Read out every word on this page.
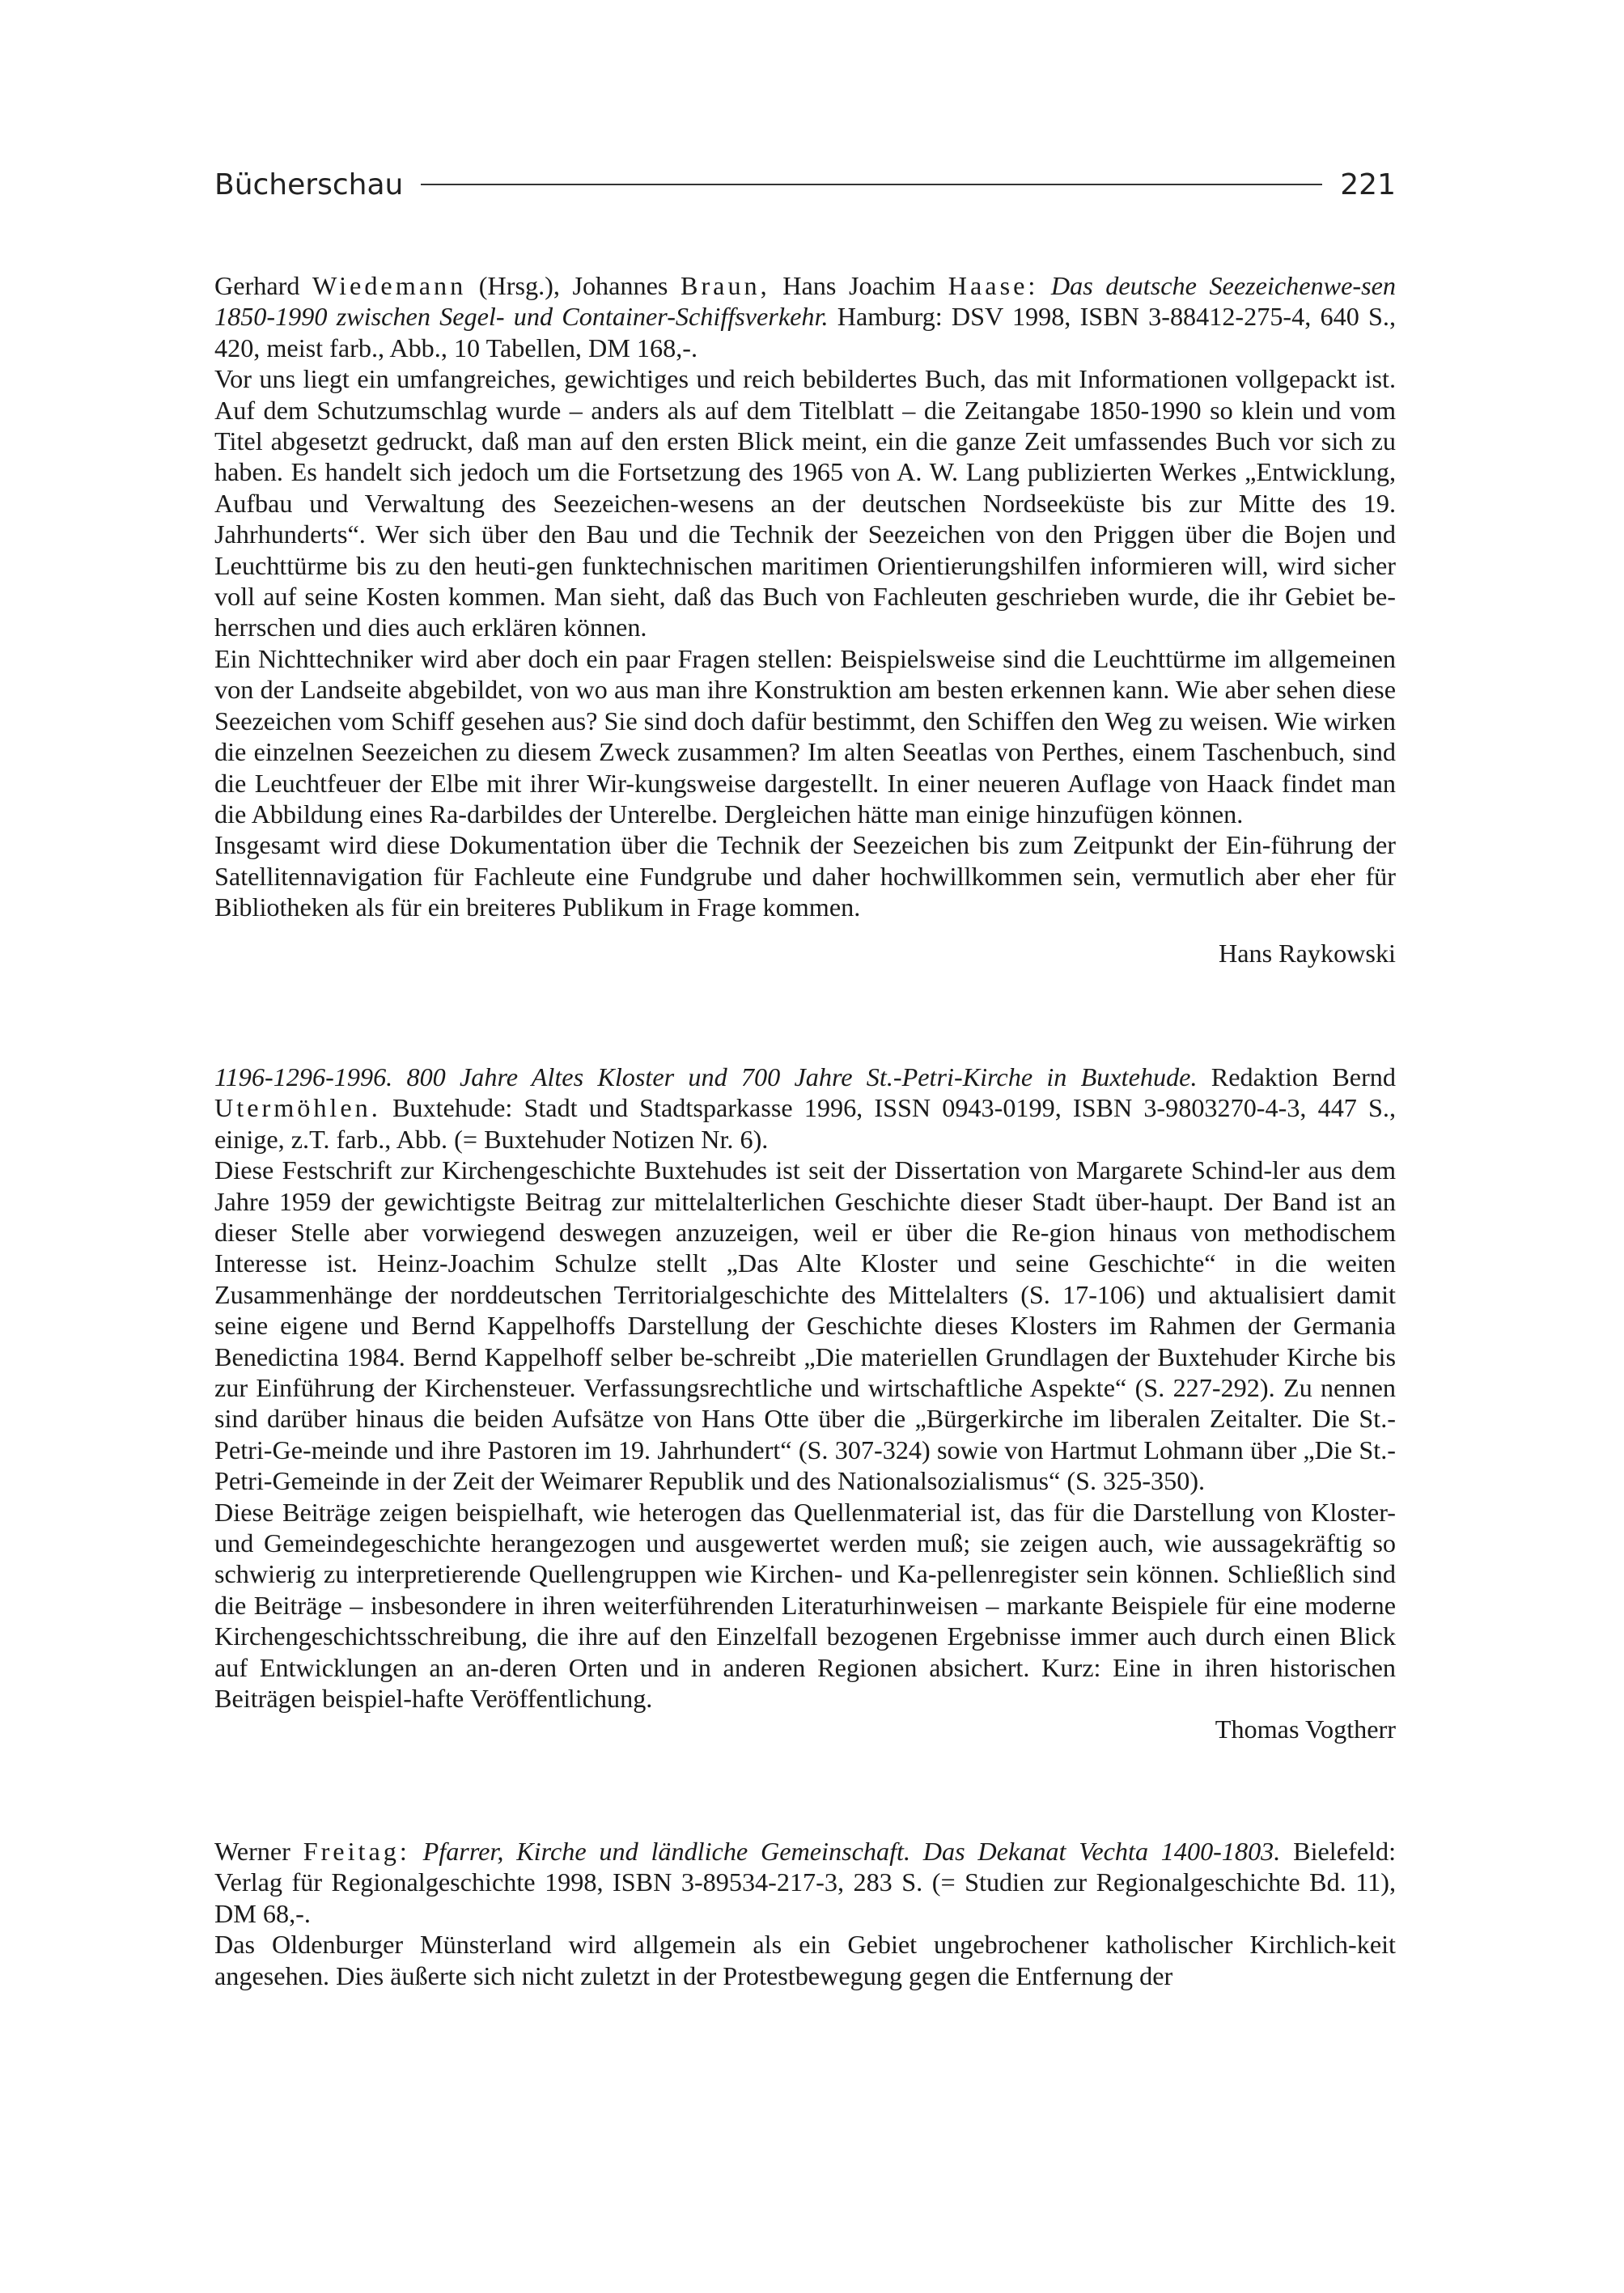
Bücherschau	221

Gerhard Wiedemann (Hrsg.), Johannes Braun, Hans Joachim Haase: Das deutsche Seezeichenwe-sen 1850-1990 zwischen Segel- und Container-Schiffsverkehr. Hamburg: DSV 1998, ISBN 3-88412-275-4, 640 S., 420, meist farb., Abb., 10 Tabellen, DM 168,-.

Vor uns liegt ein umfangreiches, gewichtiges und reich bebildertes Buch, das mit Informationen vollgepackt ist. Auf dem Schutzumschlag wurde – anders als auf dem Titelblatt – die Zeitangabe 1850-1990 so klein und vom Titel abgesetzt gedruckt, daß man auf den ersten Blick meint, ein die ganze Zeit umfassendes Buch vor sich zu haben. Es handelt sich jedoch um die Fortsetzung des 1965 von A. W. Lang publizierten Werkes „Entwicklung, Aufbau und Verwaltung des Seezeichen-wesens an der deutschen Nordseeküste bis zur Mitte des 19. Jahrhunderts“. Wer sich über den Bau und die Technik der Seezeichen von den Priggen über die Bojen und Leuchttürme bis zu den heuti-gen funktechnischen maritimen Orientierungshilfen informieren will, wird sicher voll auf seine Kosten kommen. Man sieht, daß das Buch von Fachleuten geschrieben wurde, die ihr Gebiet be-herrschen und dies auch erklären können.

Ein Nichttechniker wird aber doch ein paar Fragen stellen: Beispielsweise sind die Leuchttürme im allgemeinen von der Landseite abgebildet, von wo aus man ihre Konstruktion am besten erkennen kann. Wie aber sehen diese Seezeichen vom Schiff gesehen aus? Sie sind doch dafür bestimmt, den Schiffen den Weg zu weisen. Wie wirken die einzelnen Seezeichen zu diesem Zweck zusammen? Im alten Seeatlas von Perthes, einem Taschenbuch, sind die Leuchtfeuer der Elbe mit ihrer Wir-kungsweise dargestellt. In einer neueren Auflage von Haack findet man die Abbildung eines Ra-darbildes der Unterelbe. Dergleichen hätte man einige hinzufügen können.

Insgesamt wird diese Dokumentation über die Technik der Seezeichen bis zum Zeitpunkt der Ein-führung der Satellitennavigation für Fachleute eine Fundgrube und daher hochwillkommen sein, vermutlich aber eher für Bibliotheken als für ein breiteres Publikum in Frage kommen.

Hans Raykowski

1196-1296-1996. 800 Jahre Altes Kloster und 700 Jahre St.-Petri-Kirche in Buxtehude. Redaktion Bernd Utermöhlen. Buxtehude: Stadt und Stadtsparkasse 1996, ISSN 0943-0199, ISBN 3-9803270-4-3, 447 S., einige, z.T. farb., Abb. (= Buxtehuder Notizen Nr. 6).

Diese Festschrift zur Kirchengeschichte Buxtehudes ist seit der Dissertation von Margarete Schind-ler aus dem Jahre 1959 der gewichtigste Beitrag zur mittelalterlichen Geschichte dieser Stadt über-haupt. Der Band ist an dieser Stelle aber vorwiegend deswegen anzuzeigen, weil er über die Re-gion hinaus von methodischem Interesse ist. Heinz-Joachim Schulze stellt „Das Alte Kloster und seine Geschichte“ in die weiten Zusammenhänge der norddeutschen Territorialgeschichte des Mittelalters (S. 17-106) und aktualisiert damit seine eigene und Bernd Kappelhoffs Darstellung der Geschichte dieses Klosters im Rahmen der Germania Benedictina 1984. Bernd Kappelhoff selber be-schreibt „Die materiellen Grundlagen der Buxtehuder Kirche bis zur Einführung der Kirchensteuer. Verfassungsrechtliche und wirtschaftliche Aspekte“ (S. 227-292). Zu nennen sind darüber hinaus die beiden Aufsätze von Hans Otte über die „Bürgerkirche im liberalen Zeitalter. Die St.-Petri-Ge-meinde und ihre Pastoren im 19. Jahrhundert“ (S. 307-324) sowie von Hartmut Lohmann über „Die St.-Petri-Gemeinde in der Zeit der Weimarer Republik und des Nationalsozialismus“ (S. 325-350).

Diese Beiträge zeigen beispielhaft, wie heterogen das Quellenmaterial ist, das für die Darstellung von Kloster- und Gemeindegeschichte herangezogen und ausgewertet werden muß; sie zeigen auch, wie aussagekräftig so schwierig zu interpretierende Quellengruppen wie Kirchen- und Ka-pellenregister sein können. Schließlich sind die Beiträge – insbesondere in ihren weiterführenden Literaturhinweisen – markante Beispiele für eine moderne Kirchengeschichtsschreibung, die ihre auf den Einzelfall bezogenen Ergebnisse immer auch durch einen Blick auf Entwicklungen an an-deren Orten und in anderen Regionen absichert. Kurz: Eine in ihren historischen Beiträgen beispiel-hafte Veröffentlichung.

Thomas Vogtherr

Werner Freitag: Pfarrer, Kirche und ländliche Gemeinschaft. Das Dekanat Vechta 1400-1803. Bielefeld: Verlag für Regionalgeschichte 1998, ISBN 3-89534-217-3, 283 S. (= Studien zur Regionalgeschichte Bd. 11), DM 68,-.

Das Oldenburger Münsterland wird allgemein als ein Gebiet ungebrochener katholischer Kirchlich-keit angesehen. Dies äußerte sich nicht zuletzt in der Protestbewegung gegen die Entfernung der
